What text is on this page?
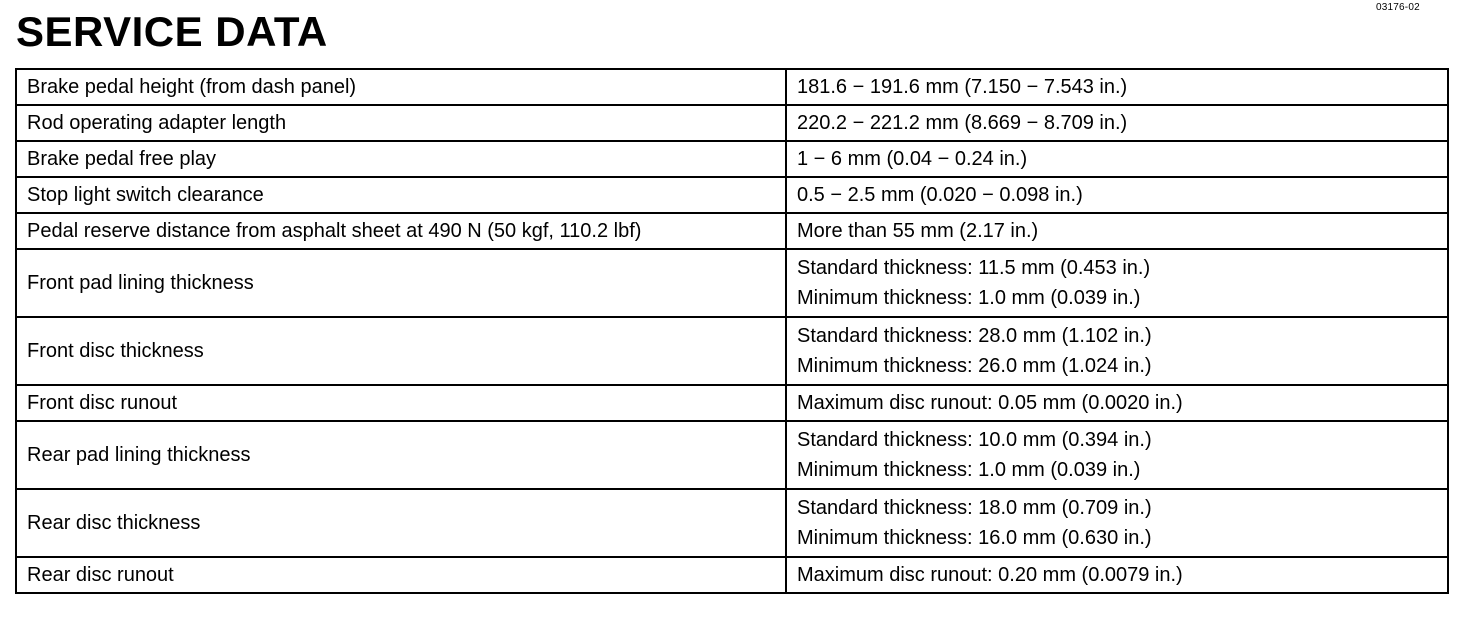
03176-02
SERVICE DATA
Brake pedal height (from dash panel)	181.6 − 191.6 mm (7.150 − 7.543 in.)

Rod operating adapter length	220.2 − 221.2 mm (8.669 − 8.709 in.)

Brake pedal free play	1 − 6 mm (0.04 − 0.24 in.)

Stop light switch clearance	0.5 − 2.5 mm (0.020 − 0.098 in.)

Pedal reserve distance from asphalt sheet at 490 N (50 kgf, 110.2 lbf)	More than 55 mm (2.17 in.)

Front pad lining thickness	Standard thickness: 11.5 mm (0.453 in.)
Minimum thickness: 1.0 mm (0.039 in.)

Front disc thickness	Standard thickness: 28.0 mm (1.102 in.)
Minimum thickness: 26.0 mm (1.024 in.)

Front disc runout	Maximum disc runout: 0.05 mm (0.0020 in.)

Rear pad lining thickness	Standard thickness: 10.0 mm (0.394 in.)
Minimum thickness: 1.0 mm (0.039 in.)

Rear disc thickness	Standard thickness: 18.0 mm (0.709 in.)
Minimum thickness: 16.0 mm (0.630 in.)

Rear disc runout	Maximum disc runout: 0.20 mm (0.0079 in.)
